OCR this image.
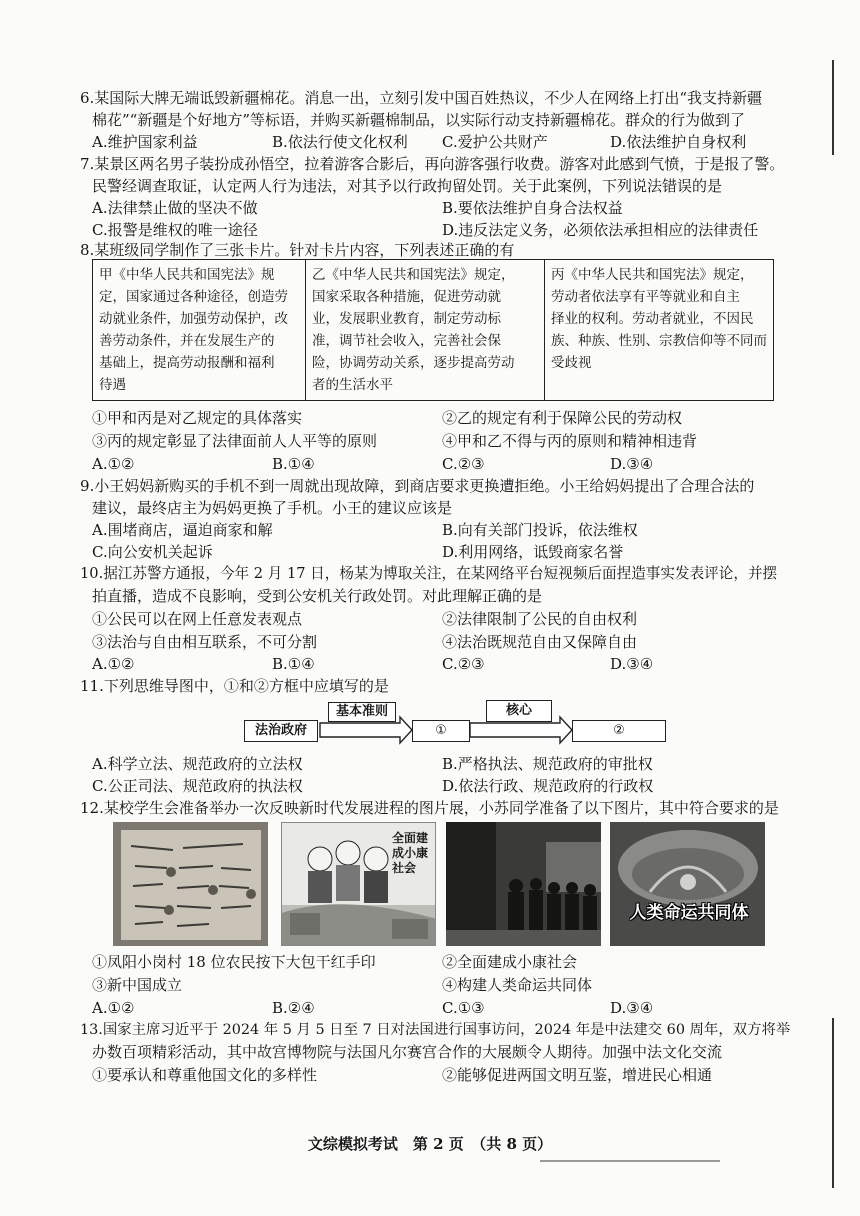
6.某国际大牌无端诋毁新疆棉花。消息一出，立刻引发中国百姓热议，不少人在网络上打出“我支持新疆
棉花”“新疆是个好地方”等标语，并购买新疆棉制品，以实际行动支持新疆棉花。群众的行为做到了
A.维护国家利益	B.依法行使文化权利 C.爱护公共财产	D.依法维护自身权利
7.某景区两名男子装扮成孙悟空，拉着游客合影后，再向游客强行收费。游客对此感到气愤，于是报了警。
民警经调查取证，认定两人行为违法，对其予以行政拘留处罚。关于此案例，下列说法错误的是
A.法律禁止做的坚决不做	B.要依法维护自身合法权益
C.报警是维权的唯一途径	D.违反法定义务，必须依法承担相应的法律责任
8.某班级同学制作了三张卡片。针对卡片内容，下列表述正确的有
甲《中华人民共和国宪法》规
定，国家通过各种途径，创造劳
动就业条件，加强劳动保护，改
善劳动条件，并在发展生产的
基础上，提高劳动报酬和福利
待遇

乙《中华人民共和国宪法》规定，
国家采取各种措施，促进劳动就
业，发展职业教育，制定劳动标
准，调节社会收入，完善社会保
险，协调劳动关系，逐步提高劳动
者的生活水平

丙《中华人民共和国宪法》规定，
劳动者依法享有平等就业和自主
择业的权利。劳动者就业，不因民
族、种族、性别、宗教信仰等不同而
受歧视
①甲和丙是对乙规定的具体落实	②乙的规定有利于保障公民的劳动权
③丙的规定彰显了法律面前人人平等的原则	④甲和乙不得与丙的原则和精神相违背
A.①②	B.①④	C.②③	D.③④
9.小王妈妈新购买的手机不到一周就出现故障，到商店要求更换遭拒绝。小王给妈妈提出了合理合法的
建议，最终店主为妈妈更换了手机。小王的建议应该是
A.围堵商店，逼迫商家和解	B.向有关部门投诉，依法维权
C.向公安机关起诉	D.利用网络，诋毁商家名誉
10.据江苏警方通报，今年 2 月 17 日，杨某为博取关注，在某网络平台短视频后面捏造事实发表评论，并摆
拍直播，造成不良影响，受到公安机关行政处罚。对此理解正确的是
①公民可以在网上任意发表观点	②法律限制了公民的自由权利
③法治与自由相互联系，不可分割	④法治既规范自由又保障自由
A.①②	B.①④	C.②③	D.③④
11.下列思维导图中，①和②方框中应填写的是
法治政府
基本准则
①
核心
②
A.科学立法、规范政府的立法权	B.严格执法、规范政府的审批权
C.公正司法、规范政府的执法权	D.依法行政、规范政府的行政权
12.某校学生会准备举办一次反映新时代发展进程的图片展，小苏同学准备了以下图片，其中符合要求的是
全面建成小康社会
人类命运共同体
①凤阳小岗村 18 位农民按下大包干红手印	②全面建成小康社会
③新中国成立	④构建人类命运共同体
A.①②	B.②④	C.①③	D.③④
13.国家主席习近平于 2024 年 5 月 5 日至 7 日对法国进行国事访问，2024 年是中法建交 60 周年，双方将举
办数百项精彩活动，其中故宫博物院与法国凡尔赛宫合作的大展颇令人期待。加强中法文化交流
①要承认和尊重他国文化的多样性	②能够促进两国文明互鉴，增进民心相通
文综模拟考试　第 2 页　（共 8 页）
